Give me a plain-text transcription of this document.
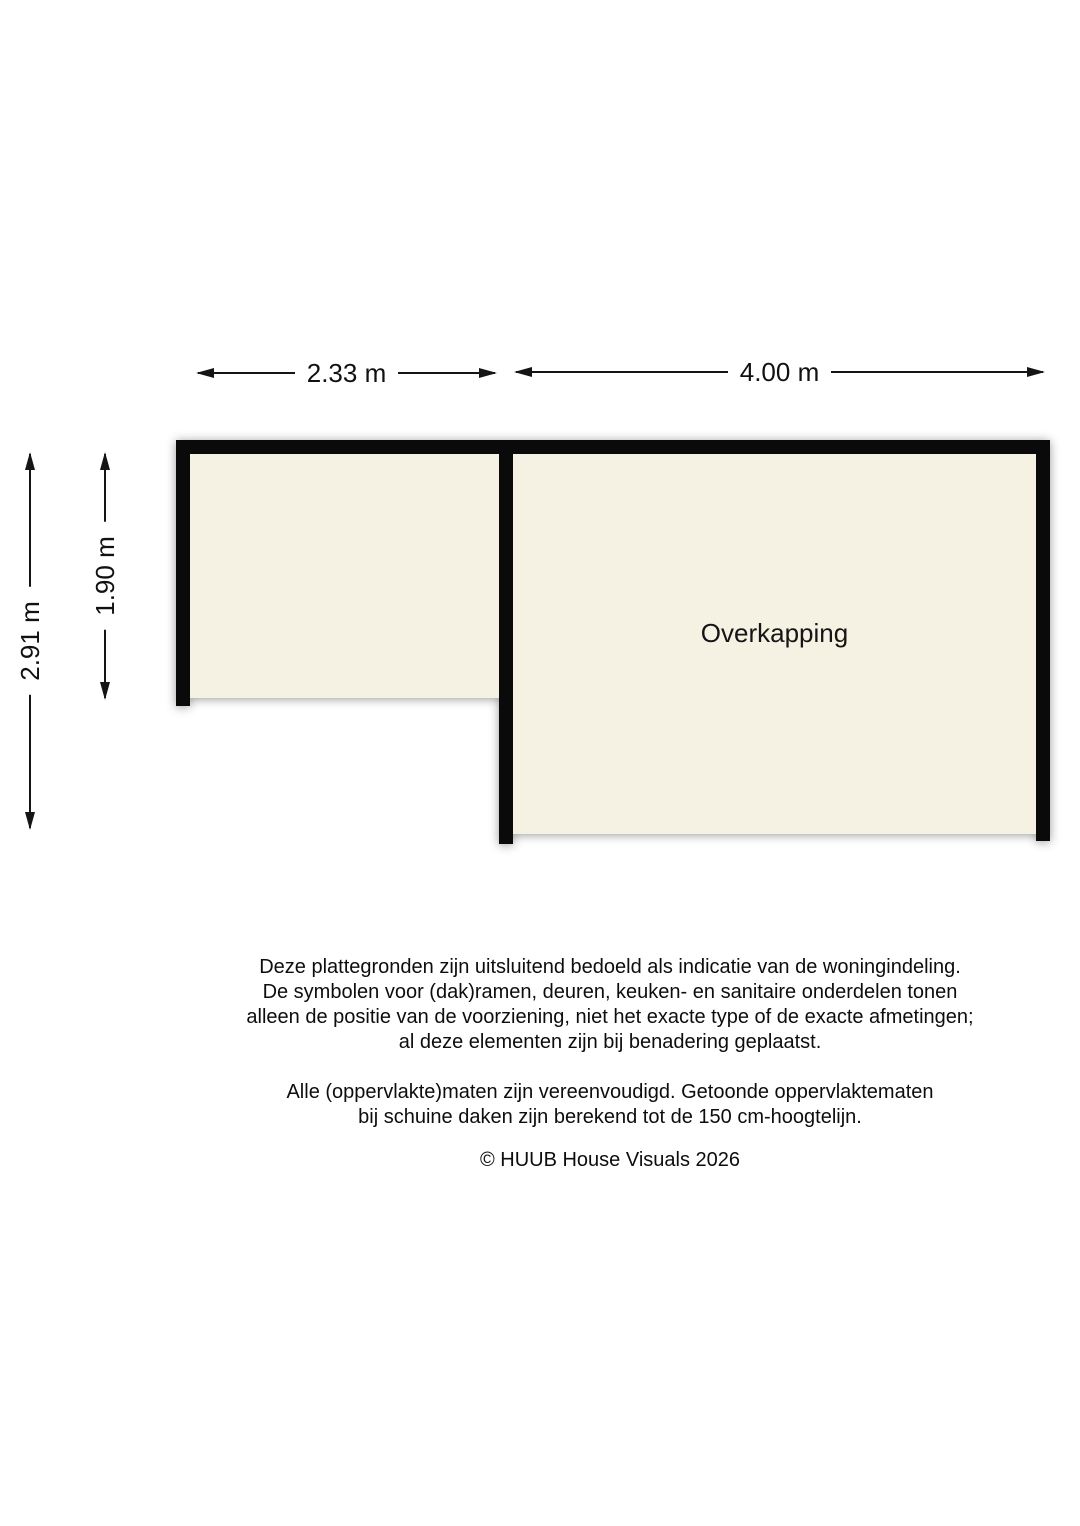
2.33 m	4.00 m
2.91 m
1.90 m
Overkapping

Deze plattegronden zijn uitsluitend bedoeld als indicatie van de woningindeling.
De symbolen voor (dak)ramen, deuren, keuken- en sanitaire onderdelen tonen
alleen de positie van de voorziening, niet het exacte type of de exacte afmetingen;
al deze elementen zijn bij benadering geplaatst.

Alle (oppervlakte)maten zijn vereenvoudigd. Getoonde oppervlaktematen
bij schuine daken zijn berekend tot de 150 cm-hoogtelijn.

© HUUB House Visuals 2026
